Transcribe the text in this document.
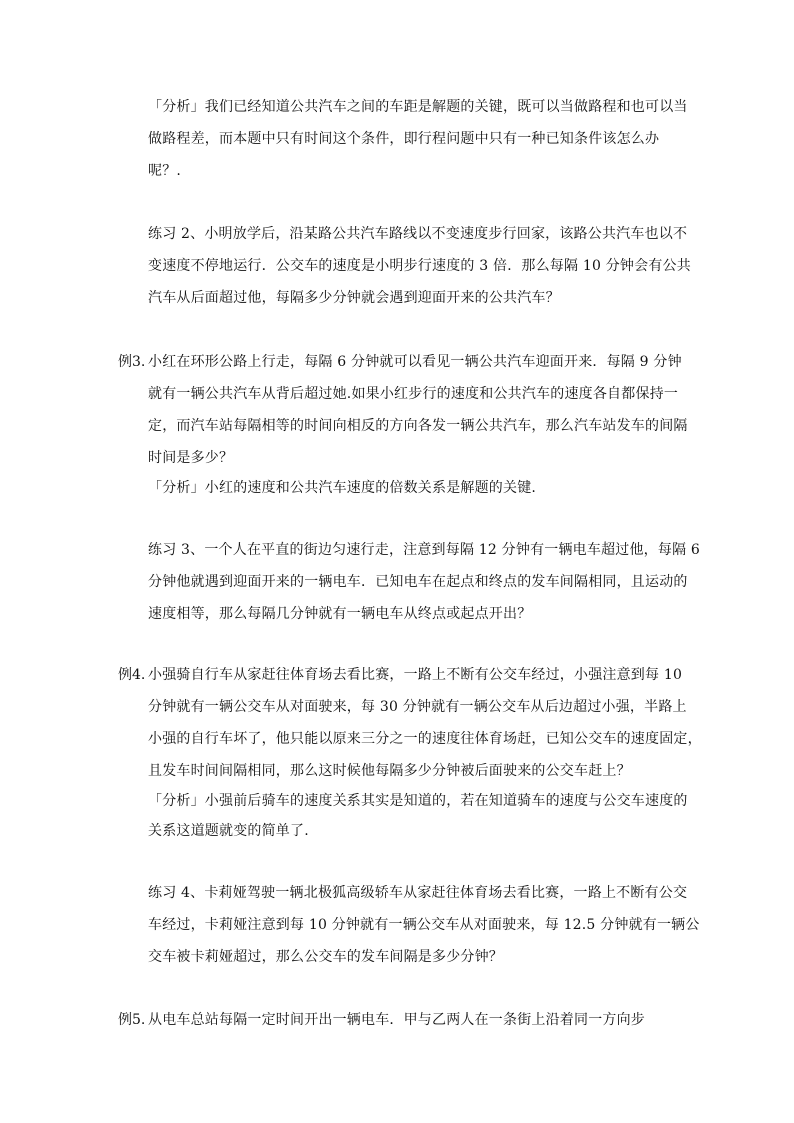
「分析」我们已经知道公共汽车之间的车距是解题的关键，既可以当做路程和也可以当
做路程差，而本题中只有时间这个条件，即行程问题中只有一种已知条件该怎么办
呢？.
练习 2、小明放学后，沿某路公共汽车路线以不变速度步行回家，该路公共汽车也以不
变速度不停地运行．公交车的速度是小明步行速度的 3 倍．那么每隔 10 分钟会有公共
汽车从后面超过他，每隔多少分钟就会遇到迎面开来的公共汽车？
例3. 小红在环形公路上行走，每隔 6 分钟就可以看见一辆公共汽车迎面开来．每隔 9 分钟
就有一辆公共汽车从背后超过她.如果小红步行的速度和公共汽车的速度各自都保持一
定，而汽车站每隔相等的时间向相反的方向各发一辆公共汽车，那么汽车站发车的间隔
时间是多少？
「分析」小红的速度和公共汽车速度的倍数关系是解题的关键.
练习 3、一个人在平直的街边匀速行走，注意到每隔 12 分钟有一辆电车超过他，每隔 6
分钟他就遇到迎面开来的一辆电车．已知电车在起点和终点的发车间隔相同，且运动的
速度相等，那么每隔几分钟就有一辆电车从终点或起点开出？
例4. 小强骑自行车从家赶往体育场去看比赛，一路上不断有公交车经过，小强注意到每 10
分钟就有一辆公交车从对面驶来，每 30 分钟就有一辆公交车从后边超过小强，半路上
小强的自行车坏了，他只能以原来三分之一的速度往体育场赶，已知公交车的速度固定，
且发车时间间隔相同，那么这时候他每隔多少分钟被后面驶来的公交车赶上？
「分析」小强前后骑车的速度关系其实是知道的，若在知道骑车的速度与公交车速度的
关系这道题就变的简单了.
练习 4、卡莉娅驾驶一辆北极狐高级轿车从家赶往体育场去看比赛，一路上不断有公交
车经过，卡莉娅注意到每 10 分钟就有一辆公交车从对面驶来，每 12.5 分钟就有一辆公
交车被卡莉娅超过，那么公交车的发车间隔是多少分钟？
例5. 从电车总站每隔一定时间开出一辆电车．甲与乙两人在一条街上沿着同一方向步
